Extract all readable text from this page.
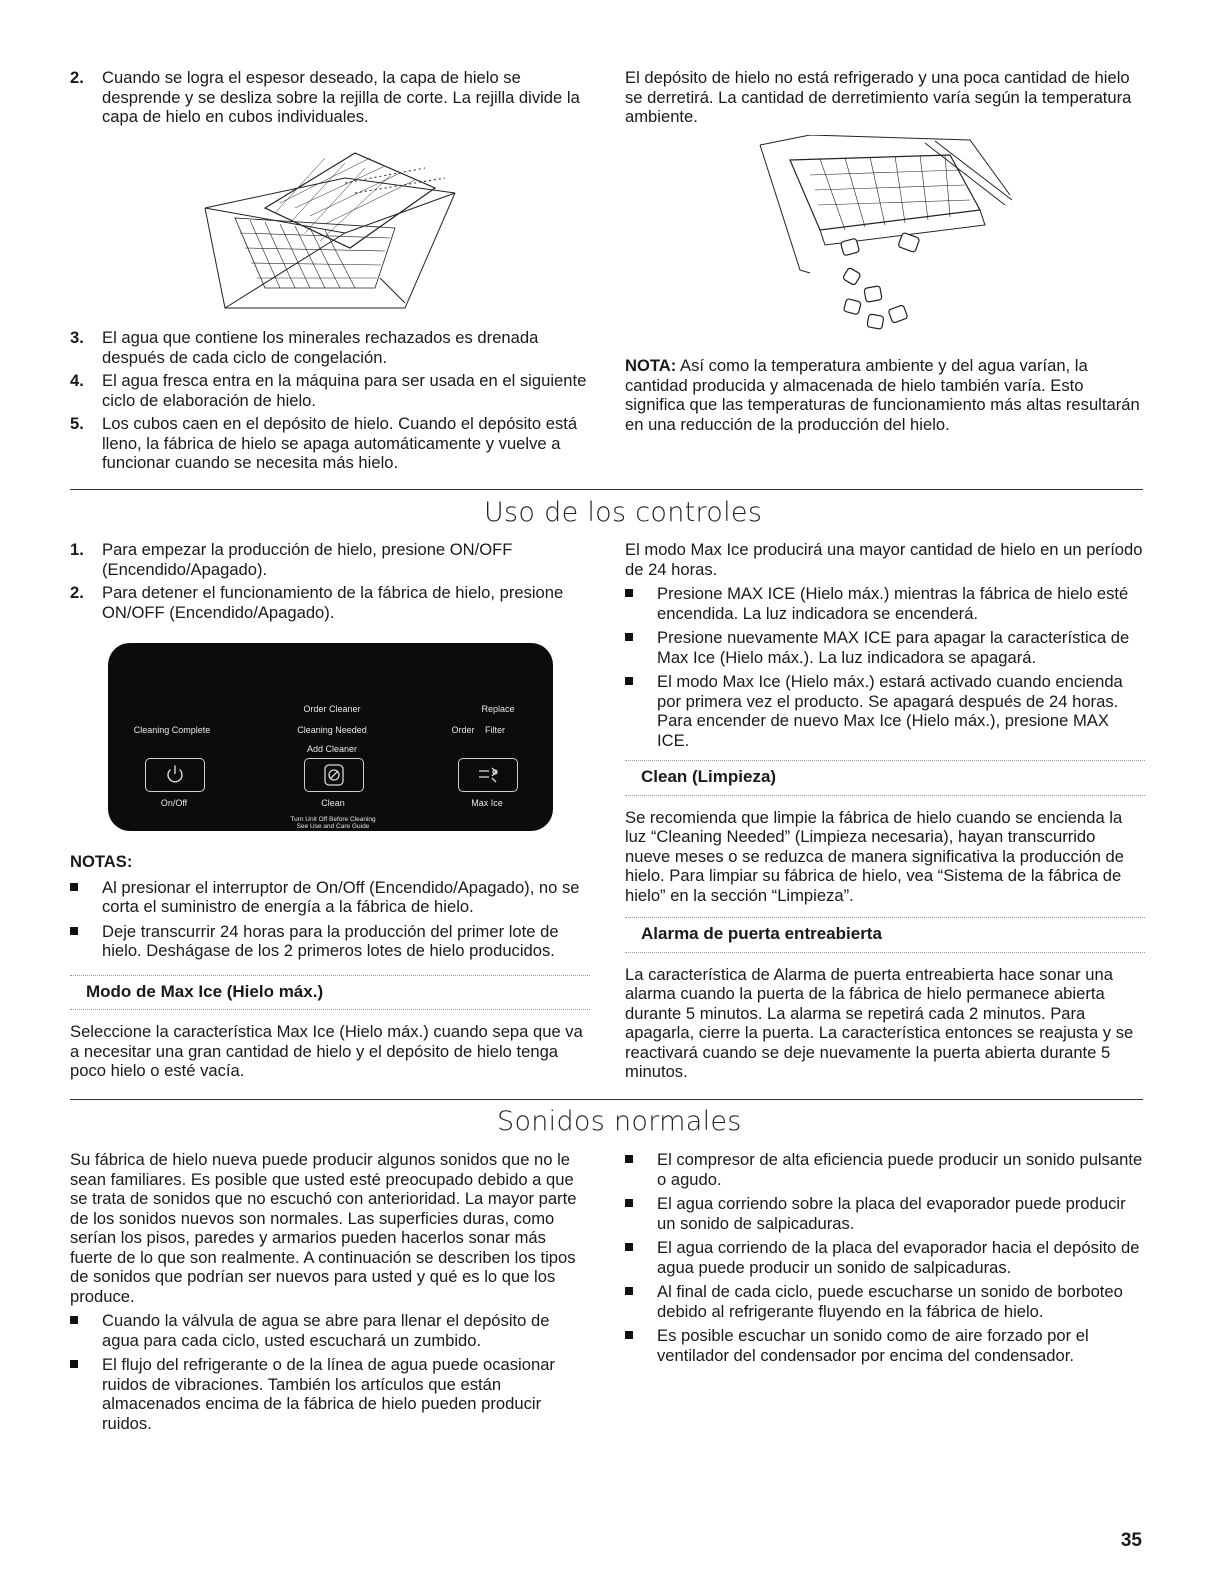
2. Cuando se logra el espesor deseado, la capa de hielo se desprende y se desliza sobre la rejilla de corte. La rejilla divide la capa de hielo en cubos individuales.

3. El agua que contiene los minerales rechazados es drenada después de cada ciclo de congelación.

4. El agua fresca entra en la máquina para ser usada en el siguiente ciclo de elaboración de hielo.

5. Los cubos caen en el depósito de hielo. Cuando el depósito está lleno, la fábrica de hielo se apaga automáticamente y vuelve a funcionar cuando se necesita más hielo.

El depósito de hielo no está refrigerado y una poca cantidad de hielo se derretirá. La cantidad de derretimiento varía según la temperatura ambiente.

NOTA: Así como la temperatura ambiente y del agua varían, la cantidad producida y almacenada de hielo también varía. Esto significa que las temperaturas de funcionamiento más altas resultarán en una reducción de la producción del hielo.

Uso de los controles
1. Para empezar la producción de hielo, presione ON/OFF (Encendido/Apagado).

2. Para detener el funcionamiento de la fábrica de hielo, presione ON/OFF (Encendido/Apagado).

Order Cleaner	Replace
Cleaning Complete	Cleaning Needed	Order	Filter
Add Cleaner
On/Off	Clean	Max Ice
Turn Unit Off Before Cleaning
See Use and Care Guide
NOTAS:

Al presionar el interruptor de On/Off (Encendido/Apagado), no se corta el suministro de energía a la fábrica de hielo.

Deje transcurrir 24 horas para la producción del primer lote de hielo. Deshágase de los 2 primeros lotes de hielo producidos.

Modo de Max Ice (Hielo máx.)

Seleccione la característica Max Ice (Hielo máx.) cuando sepa que va a necesitar una gran cantidad de hielo y el depósito de hielo tenga poco hielo o esté vacía.

El modo Max Ice producirá una mayor cantidad de hielo en un período de 24 horas.

Presione MAX ICE (Hielo máx.) mientras la fábrica de hielo esté encendida. La luz indicadora se encenderá.

Presione nuevamente MAX ICE para apagar la característica de Max Ice (Hielo máx.). La luz indicadora se apagará.

El modo Max Ice (Hielo máx.) estará activado cuando encienda por primera vez el producto. Se apagará después de 24 horas. Para encender de nuevo Max Ice (Hielo máx.), presione MAX ICE.

Clean (Limpieza)

Se recomienda que limpie la fábrica de hielo cuando se encienda la luz “Cleaning Needed” (Limpieza necesaria), hayan transcurrido nueve meses o se reduzca de manera significativa la producción de hielo. Para limpiar su fábrica de hielo, vea “Sistema de la fábrica de hielo” en la sección “Limpieza”.

Alarma de puerta entreabierta

La característica de Alarma de puerta entreabierta hace sonar una alarma cuando la puerta de la fábrica de hielo permanece abierta durante 5 minutos. La alarma se repetirá cada 2 minutos. Para apagarla, cierre la puerta. La característica entonces se reajusta y se reactivará cuando se deje nuevamente la puerta abierta durante 5 minutos.

Sonidos normales

Su fábrica de hielo nueva puede producir algunos sonidos que no le sean familiares. Es posible que usted esté preocupado debido a que se trata de sonidos que no escuchó con anterioridad. La mayor parte de los sonidos nuevos son normales. Las superficies duras, como serían los pisos, paredes y armarios pueden hacerlos sonar más fuerte de lo que son realmente. A continuación se describen los tipos de sonidos que podrían ser nuevos para usted y qué es lo que los produce.

Cuando la válvula de agua se abre para llenar el depósito de agua para cada ciclo, usted escuchará un zumbido.

El flujo del refrigerante o de la línea de agua puede ocasionar ruidos de vibraciones. También los artículos que están almacenados encima de la fábrica de hielo pueden producir ruidos.

El compresor de alta eficiencia puede producir un sonido pulsante o agudo.

El agua corriendo sobre la placa del evaporador puede producir un sonido de salpicaduras.

El agua corriendo de la placa del evaporador hacia el depósito de agua puede producir un sonido de salpicaduras.

Al final de cada ciclo, puede escucharse un sonido de borboteo debido al refrigerante fluyendo en la fábrica de hielo.

Es posible escuchar un sonido como de aire forzado por el ventilador del condensador por encima del condensador.

35
